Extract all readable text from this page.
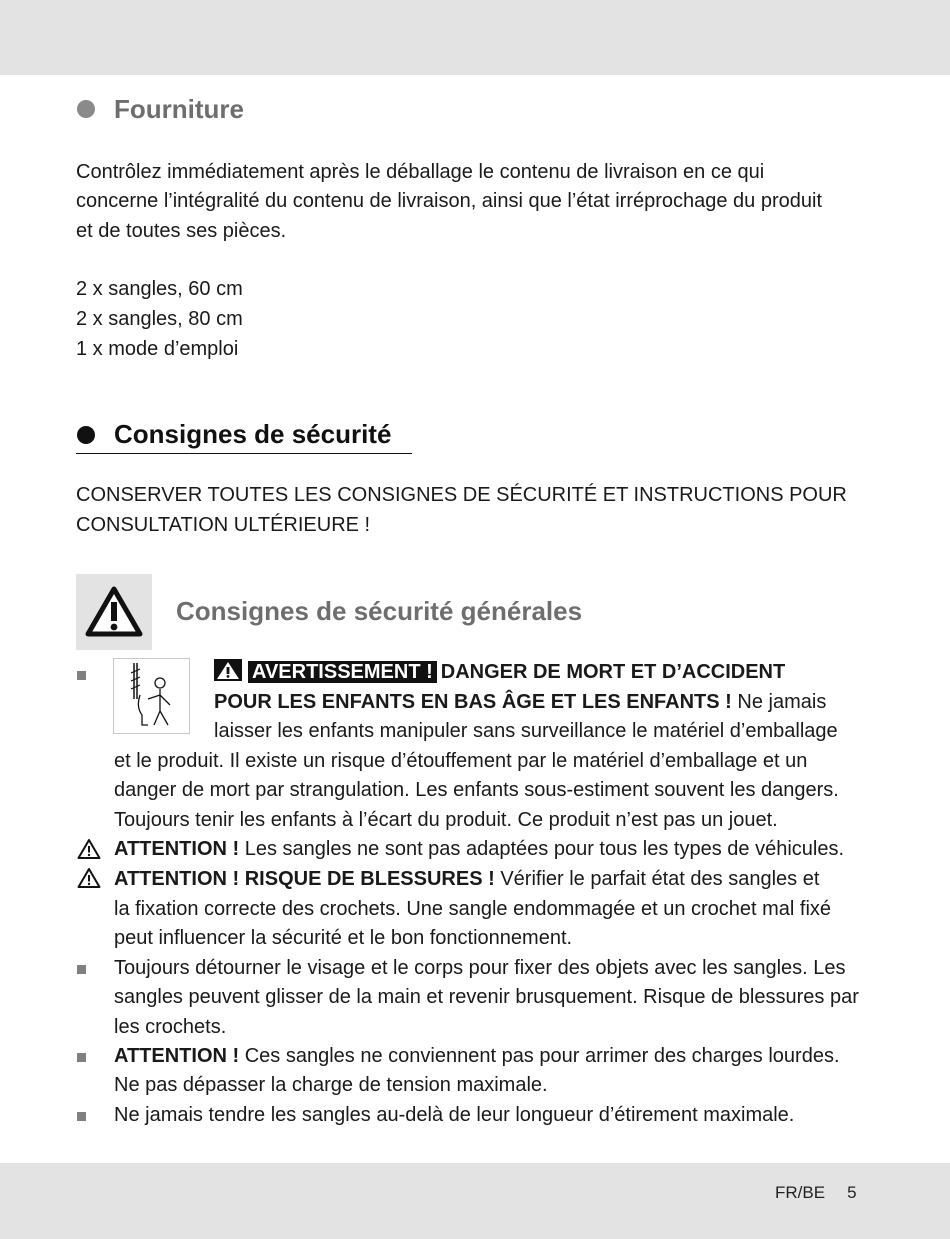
Fourniture
Contrôlez immédiatement après le déballage le contenu de livraison en ce qui
concerne l’intégralité du contenu de livraison, ainsi que l’état irréprochage du produit
et de toutes ses pièces.
2 x sangles, 60 cm
2 x sangles, 80 cm
1 x mode d’emploi
Consignes de sécurité
CONSERVER TOUTES LES CONSIGNES DE SÉCURITÉ ET INSTRUCTIONS POUR
CONSULTATION ULTÉRIEURE !
Consignes de sécurité générales
AVERTISSEMENT ! DANGER DE MORT ET D’ACCIDENT
POUR LES ENFANTS EN BAS ÂGE ET LES ENFANTS ! Ne jamais
laisser les enfants manipuler sans surveillance le matériel d’emballage
et le produit. Il existe un risque d’étouffement par le matériel d’emballage et un
danger de mort par strangulation. Les enfants sous-estiment souvent les dangers.
Toujours tenir les enfants à l’écart du produit. Ce produit n’est pas un jouet.
ATTENTION ! Les sangles ne sont pas adaptées pour tous les types de véhicules.
ATTENTION ! RISQUE DE BLESSURES ! Vérifier le parfait état des sangles et
la fixation correcte des crochets. Une sangle endommagée et un crochet mal fixé
peut influencer la sécurité et le bon fonctionnement.
Toujours détourner le visage et le corps pour fixer des objets avec les sangles. Les
sangles peuvent glisser de la main et revenir brusquement. Risque de blessures par
les crochets.
ATTENTION ! Ces sangles ne conviennent pas pour arrimer des charges lourdes.
Ne pas dépasser la charge de tension maximale.
Ne jamais tendre les sangles au-delà de leur longueur d’étirement maximale.
FR/BE 5
